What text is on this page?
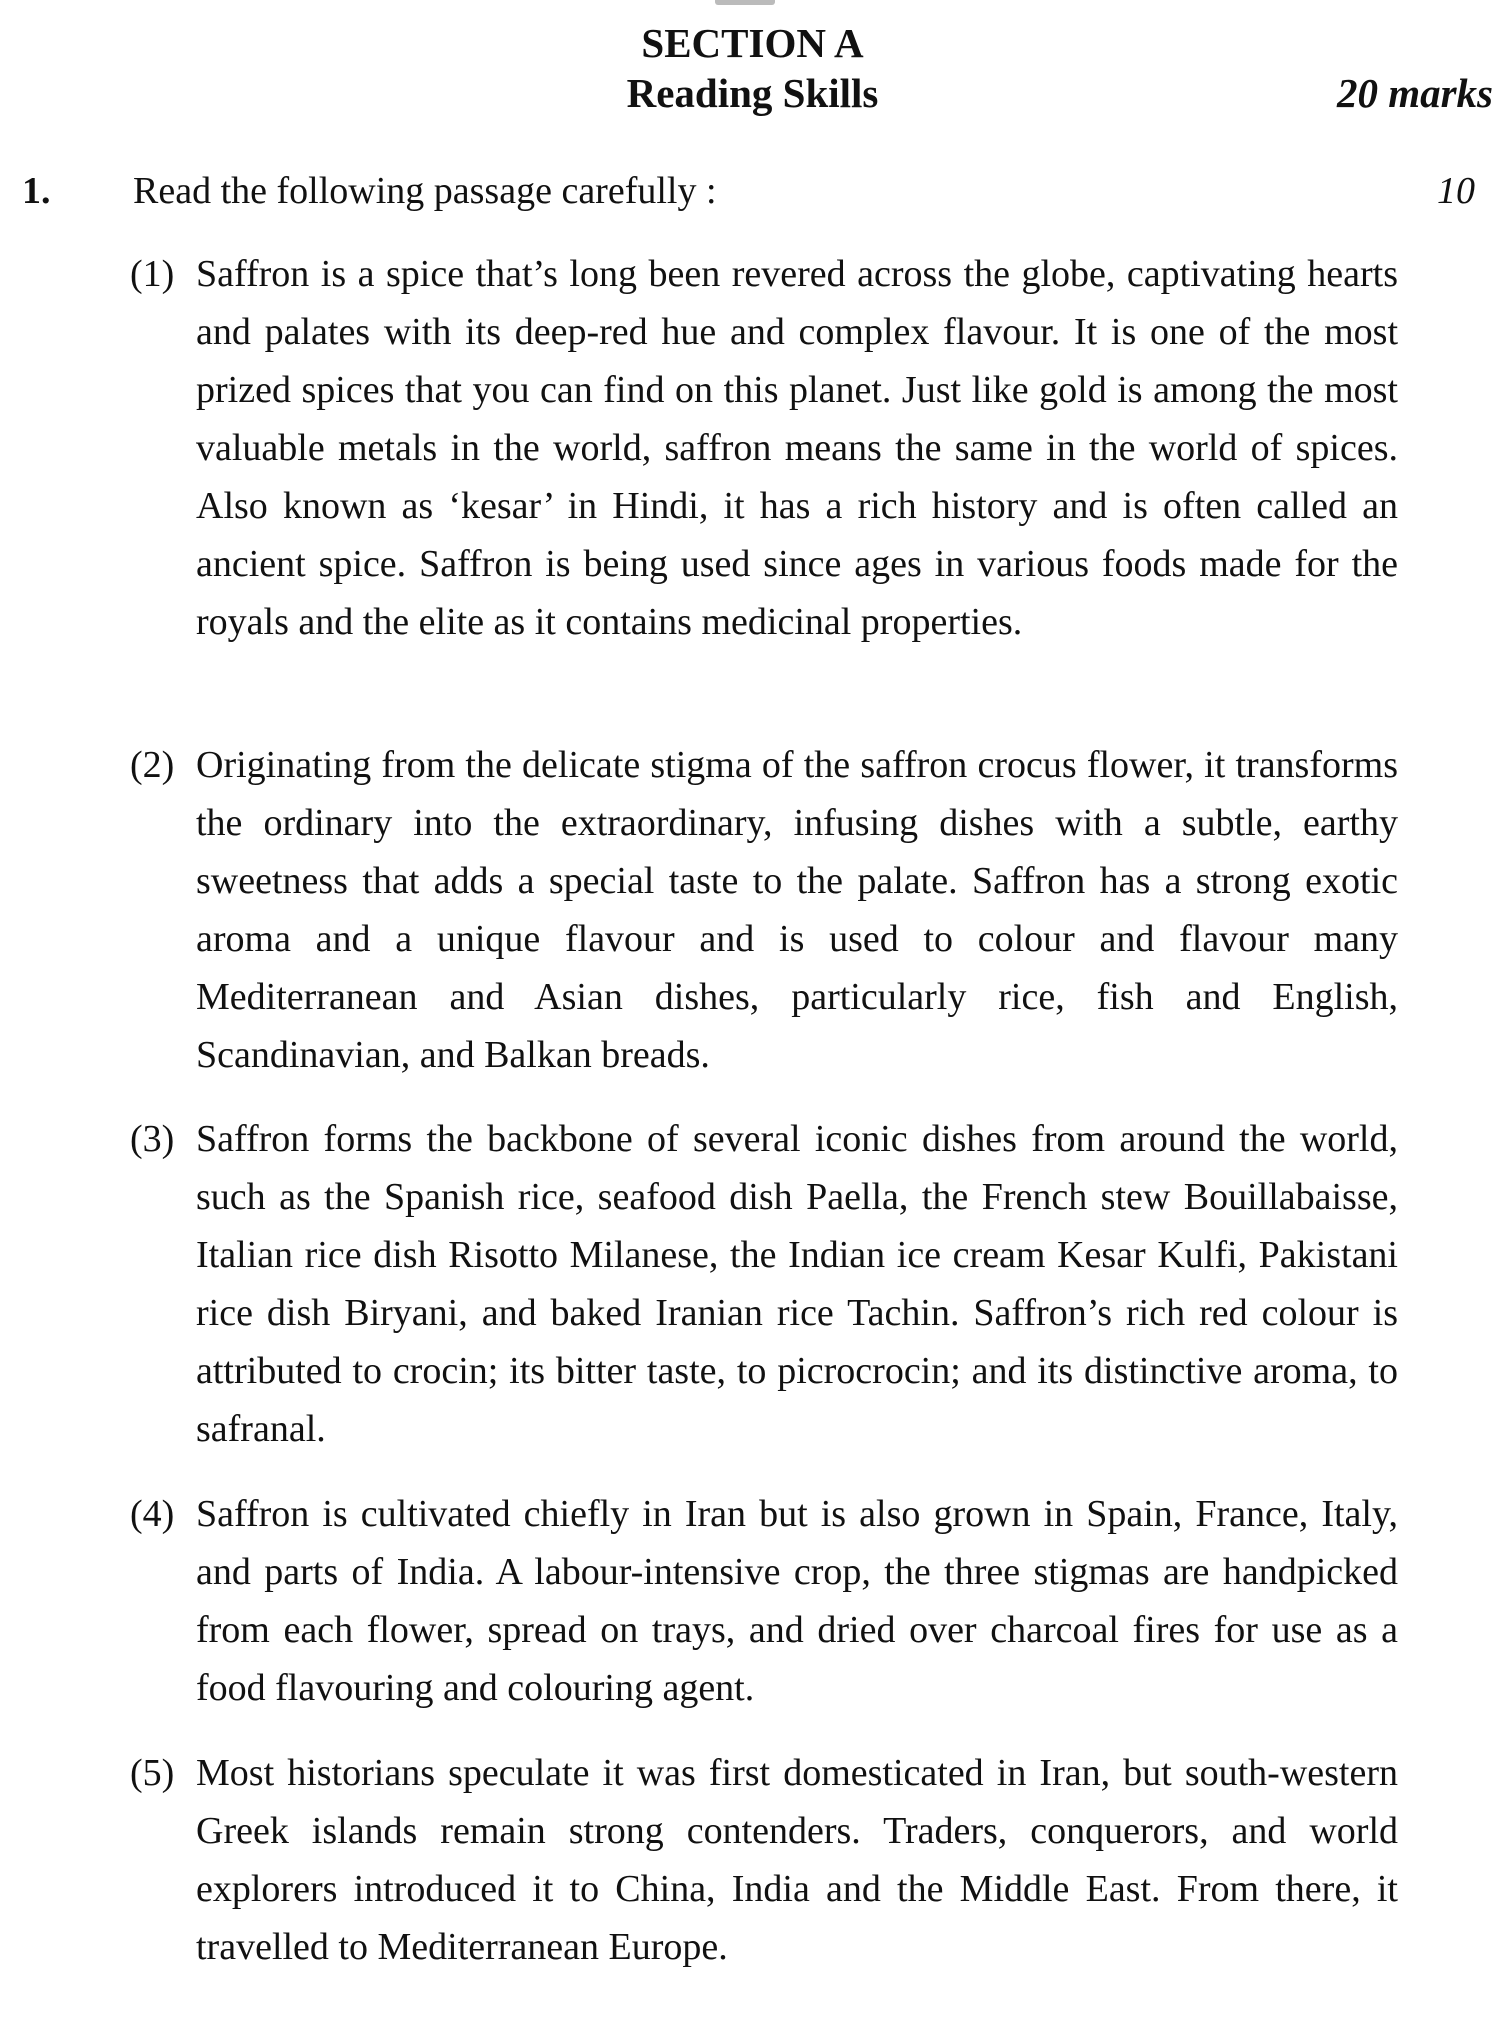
SECTION A
Reading Skills	20 marks
1. Read the following passage carefully :	10
(1) Saffron is a spice that’s long been revered across the globe, captivating hearts and palates with its deep-red hue and complex flavour. It is one of the most prized spices that you can find on this planet. Just like gold is among the most valuable metals in the world, saffron means the same in the world of spices. Also known as ‘kesar’ in Hindi, it has a rich history and is often called an ancient spice. Saffron is being used since ages in various foods made for the royals and the elite as it contains medicinal properties.
(2) Originating from the delicate stigma of the saffron crocus flower, it transforms the ordinary into the extraordinary, infusing dishes with a subtle, earthy sweetness that adds a special taste to the palate. Saffron has a strong exotic aroma and a unique flavour and is used to colour and flavour many Mediterranean and Asian dishes, particularly rice, fish and English, Scandinavian, and Balkan breads.
(3) Saffron forms the backbone of several iconic dishes from around the world, such as the Spanish rice, seafood dish Paella, the French stew Bouillabaisse, Italian rice dish Risotto Milanese, the Indian ice cream Kesar Kulfi, Pakistani rice dish Biryani, and baked Iranian rice Tachin. Saffron’s rich red colour is attributed to crocin; its bitter taste, to picrocrocin; and its distinctive aroma, to safranal.
(4) Saffron is cultivated chiefly in Iran but is also grown in Spain, France, Italy, and parts of India. A labour-intensive crop, the three stigmas are handpicked from each flower, spread on trays, and dried over charcoal fires for use as a food flavouring and colouring agent.
(5) Most historians speculate it was first domesticated in Iran, but south-western Greek islands remain strong contenders. Traders, conquerors, and world explorers introduced it to China, India and the Middle East. From there, it travelled to Mediterranean Europe.
